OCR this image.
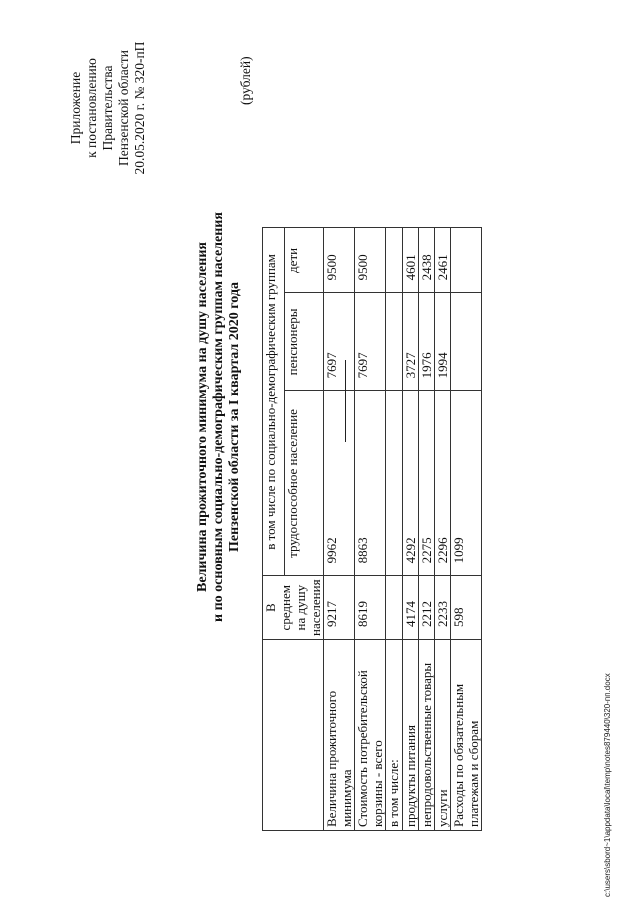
Приложение к постановлению Правительства Пензенской области 20.05.2020 г. № 320-пП
Величина прожиточного минимума на душу населения и по основным социально-демографическим группам населения Пензенской области за I квартал 2020 года
(рублей)

	В среднем на душу населения	в том числе по социально-демографическим группам		
		трудоспособное население	пенсионеры	дети
Величина прожиточного минимума	9217	9962	7697	9500
Стоимость потребительской корзины - всего	8619	8863	7697	9500
в том числе:				
продукты питания	4174	4292	3727	4601
непродовольственные товары	2212	2275	1976	2438
услуги	2233	2296	1994	2461
Расходы по обязательным платежам и сборам	598	1099		
c:\users\sbord~1\appdata\local\temp\notes879440\320-пп.docx
